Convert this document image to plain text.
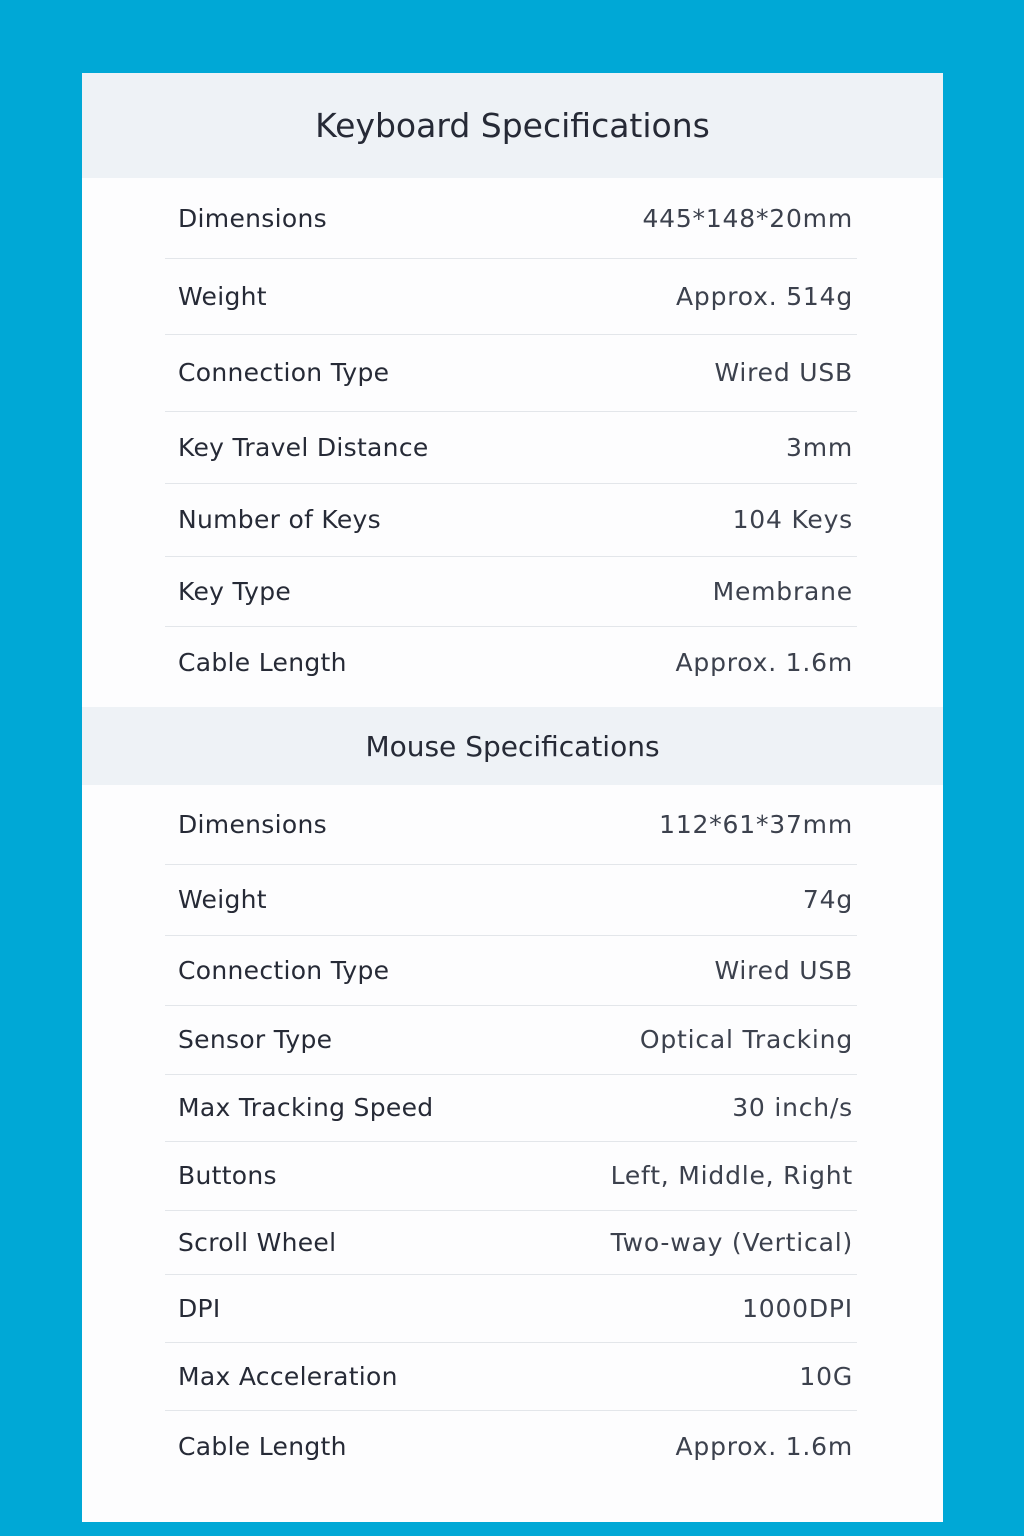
Keyboard Specifications
Dimensions	445*148*20mm
Weight	Approx. 514g
Connection Type	Wired USB
Key Travel Distance	3mm
Number of Keys	104 Keys
Key Type	Membrane
Cable Length	Approx. 1.6m
Mouse Specifications
Dimensions	112*61*37mm
Weight	74g
Connection Type	Wired USB
Sensor Type	Optical Tracking
Max Tracking Speed	30 inch/s
Buttons	Left, Middle, Right
Scroll Wheel	Two-way (Vertical)
DPI	1000DPI
Max Acceleration	10G
Cable Length	Approx. 1.6m
